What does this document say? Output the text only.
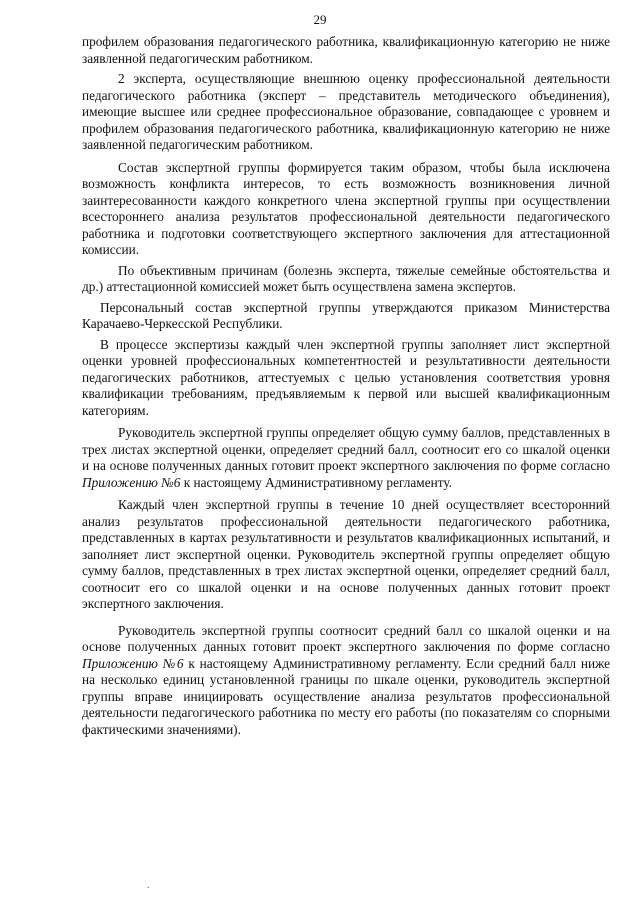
29

профилем образования педагогического работника, квалификационную категорию не ниже заявленной педагогическим работником.

2 эксперта, осуществляющие внешнюю оценку профессиональной деятельности педагогического работника (эксперт – представитель методического объединения), имеющие высшее или среднее профессиональное образование, совпадающее с уровнем и профилем образования педагогического работника, квалификационную категорию не ниже заявленной педагогическим работником.

Состав экспертной группы формируется таким образом, чтобы была исключена возможность конфликта интересов, то есть возможность возникновения личной заинтересованности каждого конкретного члена экспертной группы при осуществлении всестороннего анализа результатов профессиональной деятельности педагогического работника и подготовки соответствующего экспертного заключения для аттестационной комиссии.

По объективным причинам (болезнь эксперта, тяжелые семейные обстоятельства и др.) аттестационной комиссией может быть осуществлена замена экспертов.

Персональный состав экспертной группы утверждаются приказом Министерства Карачаево-Черкесской Республики.

В процессе экспертизы каждый член экспертной группы заполняет лист экспертной оценки уровней профессиональных компетентностей и результативности деятельности педагогических работников, аттестуемых с целью установления соответствия уровня квалификации требованиям, предъявляемым к первой или высшей квалификационным категориям.

Руководитель экспертной группы определяет общую сумму баллов, представленных в трех листах экспертной оценки, определяет средний балл, соотносит его со шкалой оценки и на основе полученных данных готовит проект экспертного заключения по форме согласно Приложению №6 к настоящему Административному регламенту.

Каждый член экспертной группы в течение 10 дней осуществляет всесторонний анализ результатов профессиональной деятельности педагогического работника, представленных в картах результативности и результатов квалификационных испытаний, и заполняет лист экспертной оценки. Руководитель экспертной группы определяет общую сумму баллов, представленных в трех листах экспертной оценки, определяет средний балл, соотносит его со шкалой оценки и на основе полученных данных готовит проект экспертного заключения.

Руководитель экспертной группы соотносит средний балл со шкалой оценки и на основе полученных данных готовит проект экспертного заключения по форме согласно Приложению №6 к настоящему Административному регламенту. Если средний балл ниже на несколько единиц установленной границы по шкале оценки, руководитель экспертной группы вправе инициировать осуществление анализа результатов профессиональной деятельности педагогического работника по месту его работы (по показателям со спорными фактическими значениями).

.
